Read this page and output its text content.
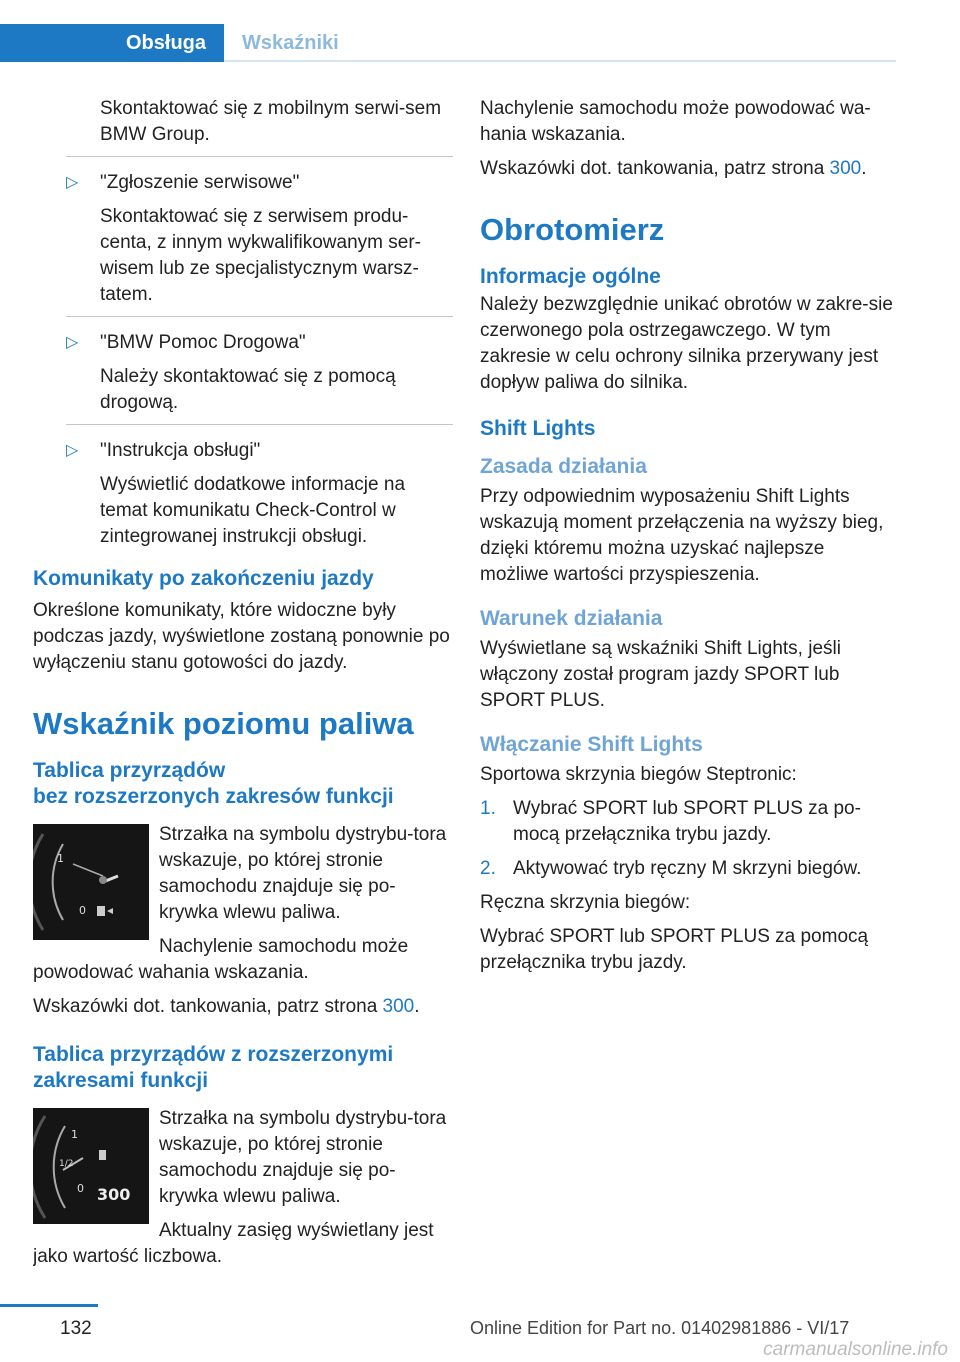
Obsługa	Wskaźniki

Skontaktować się z mobilnym serwi-sem BMW Group.

▷ "Zgłoszenie serwisowe"

Skontaktować się z serwisem produ-centa, z innym wykwalifikowanym ser-wisem lub ze specjalistycznym warsz-tatem.

▷ "BMW Pomoc Drogowa"

Należy skontaktować się z pomocą drogową.

▷ "Instrukcja obsługi"

Wyświetlić dodatkowe informacje na temat komunikatu Check-Control w zintegrowanej instrukcji obsługi.

Komunikaty po zakończeniu jazdy

Określone komunikaty, które widoczne były podczas jazdy, wyświetlone zostaną ponownie po wyłączeniu stanu gotowości do jazdy.

Wskaźnik poziomu paliwa
Tablica przyrządów
bez rozszerzonych zakresów funkcji
1
0

Strzałka na symbolu dystrybu-tora wskazuje, po której stronie samochodu znajduje się po-krywka wlewu paliwa.

Nachylenie samochodu może powodować wahania wskazania.

Wskazówki dot. tankowania, patrz strona 300.

Tablica przyrządów z rozszerzonymi zakresami funkcji
1
1/2
0 300

Strzałka na symbolu dystrybu-tora wskazuje, po której stronie samochodu znajduje się po-krywka wlewu paliwa.

Aktualny zasięg wyświetlany jest jako wartość liczbowa.

Nachylenie samochodu może powodować wa-hania wskazania.

Wskazówki dot. tankowania, patrz strona 300.

Obrotomierz
Informacje ogólne

Należy bezwzględnie unikać obrotów w zakre-sie czerwonego pola ostrzegawczego. W tym zakresie w celu ochrony silnika przerywany jest dopływ paliwa do silnika.

Shift Lights
Zasada działania

Przy odpowiednim wyposażeniu Shift Lights wskazują moment przełączenia na wyższy bieg, dzięki któremu można uzyskać najlepsze możliwe wartości przyspieszenia.

Warunek działania

Wyświetlane są wskaźniki Shift Lights, jeśli włączony został program jazdy SPORT lub SPORT PLUS.

Włączanie Shift Lights

Sportowa skrzynia biegów Steptronic:

1. Wybrać SPORT lub SPORT PLUS za po-mocą przełącznika trybu jazdy.
2. Aktywować tryb ręczny M skrzyni biegów.

Ręczna skrzynia biegów:

Wybrać SPORT lub SPORT PLUS za pomocą przełącznika trybu jazdy.

132	Online Edition for Part no. 01402981886 - VI/17
carmanualsonline.info
